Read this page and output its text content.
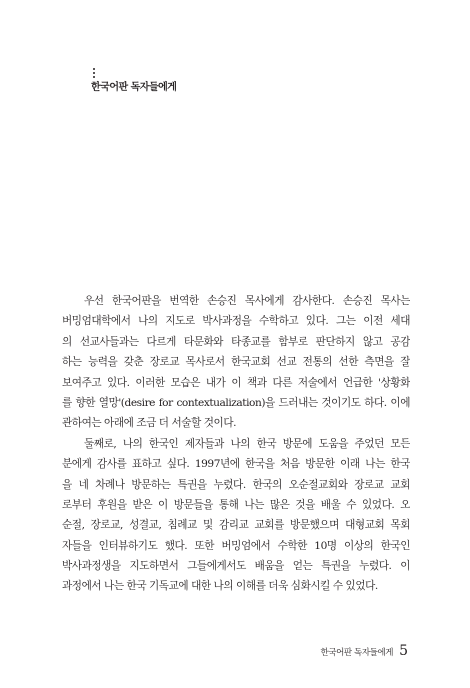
한국어판 독자들에게
우선 한국어판을 번역한 손승진 목사에게 감사한다. 손승진 목사는
버밍엄대학에서 나의 지도로 박사과정을 수학하고 있다. 그는 이전 세대
의 선교사들과는 다르게 타문화와 타종교를 함부로 판단하지 않고 공감
하는 능력을 갖춘 장로교 목사로서 한국교회 선교 전통의 선한 측면을 잘
보여주고 있다. 이러한 모습은 내가 이 책과 다른 저술에서 언급한 '상황화
를 향한 열망'(desire for contextualization)을 드러내는 것이기도 하다. 이에
관하여는 아래에 조금 더 서술할 것이다.
둘째로, 나의 한국인 제자들과 나의 한국 방문에 도움을 주었던 모든
분에게 감사를 표하고 싶다. 1997년에 한국을 처음 방문한 이래 나는 한국
을 네 차례나 방문하는 특권을 누렸다. 한국의 오순절교회와 장로교 교회
로부터 후원을 받은 이 방문들을 통해 나는 많은 것을 배울 수 있었다. 오
순절, 장로교, 성결교, 침례교 및 감리교 교회를 방문했으며 대형교회 목회
자들을 인터뷰하기도 했다. 또한 버밍엄에서 수학한 10명 이상의 한국인
박사과정생을 지도하면서 그들에게서도 배움을 얻는 특권을 누렸다. 이
과정에서 나는 한국 기독교에 대한 나의 이해를 더욱 심화시킬 수 있었다.
한국어판 독자들에게 5
